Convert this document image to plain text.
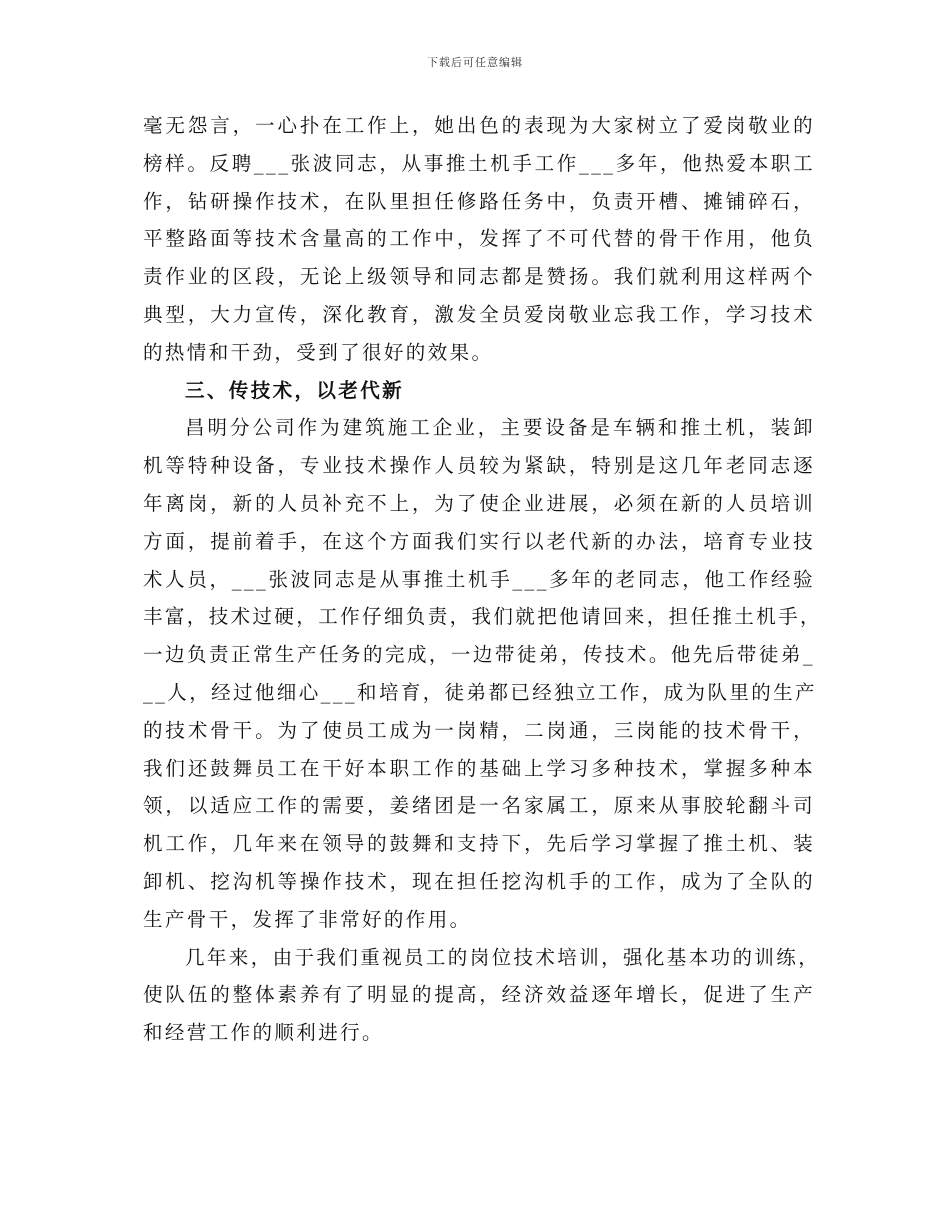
下载后可任意编辑
毫无怨言，一心扑在工作上，她出色的表现为大家树立了爱岗敬业的
榜样。反聘___张波同志，从事推土机手工作___多年，他热爱本职工
作，钻研操作技术，在队里担任修路任务中，负责开槽、摊铺碎石，
平整路面等技术含量高的工作中，发挥了不可代替的骨干作用，他负
责作业的区段，无论上级领导和同志都是赞扬。我们就利用这样两个
典型，大力宣传，深化教育，激发全员爱岗敬业忘我工作，学习技术
的热情和干劲，受到了很好的效果。
三、传技术，以老代新
昌明分公司作为建筑施工企业，主要设备是车辆和推土机，装卸
机等特种设备，专业技术操作人员较为紧缺，特别是这几年老同志逐
年离岗，新的人员补充不上，为了使企业进展，必须在新的人员培训
方面，提前着手，在这个方面我们实行以老代新的办法，培育专业技
术人员，___张波同志是从事推土机手___多年的老同志，他工作经验
丰富，技术过硬，工作仔细负责，我们就把他请回来，担任推土机手，
一边负责正常生产任务的完成，一边带徒弟，传技术。他先后带徒弟_
__人，经过他细心___和培育，徒弟都已经独立工作，成为队里的生产
的技术骨干。为了使员工成为一岗精，二岗通，三岗能的技术骨干，
我们还鼓舞员工在干好本职工作的基础上学习多种技术，掌握多种本
领，以适应工作的需要，姜绪团是一名家属工，原来从事胶轮翻斗司
机工作，几年来在领导的鼓舞和支持下，先后学习掌握了推土机、装
卸机、挖沟机等操作技术，现在担任挖沟机手的工作，成为了全队的
生产骨干，发挥了非常好的作用。
几年来，由于我们重视员工的岗位技术培训，强化基本功的训练，
使队伍的整体素养有了明显的提高，经济效益逐年增长，促进了生产
和经营工作的顺利进行。
